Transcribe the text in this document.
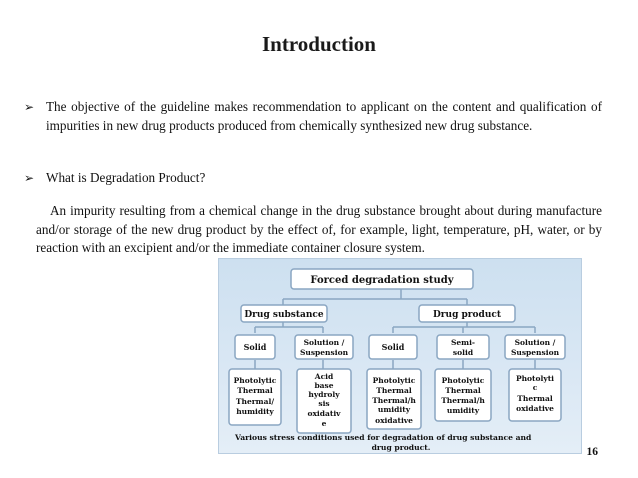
Introduction
➢ The objective of the guideline makes recommendation to applicant on the content and qualification of impurities in new drug products produced from chemically synthesized new drug substance.
➢ What is Degradation Product?
An impurity resulting from a chemical change in the drug substance brought about during manufacture and/or storage of the new drug product by the effect of, for example, light, temperature, pH, water, or by reaction with an excipient and/or the immediate container closure system.
Forced degradation study
Drug substance	Drug product
Solid	Solution /
Suspension
Solid	Semi-
solid
Solution /
Suspension
Photolytic
Thermal
Thermal/
humidity
Acid
base
hydroly
sis
oxidativ
e
Photolytic
Thermal
Thermal/h
umidity
oxidative
Photolytic
Thermal
Thermal/h
umidity
Photolyti
c
Thermal
oxidative
Various stress conditions used for degradation of drug substance and
drug product.	16
